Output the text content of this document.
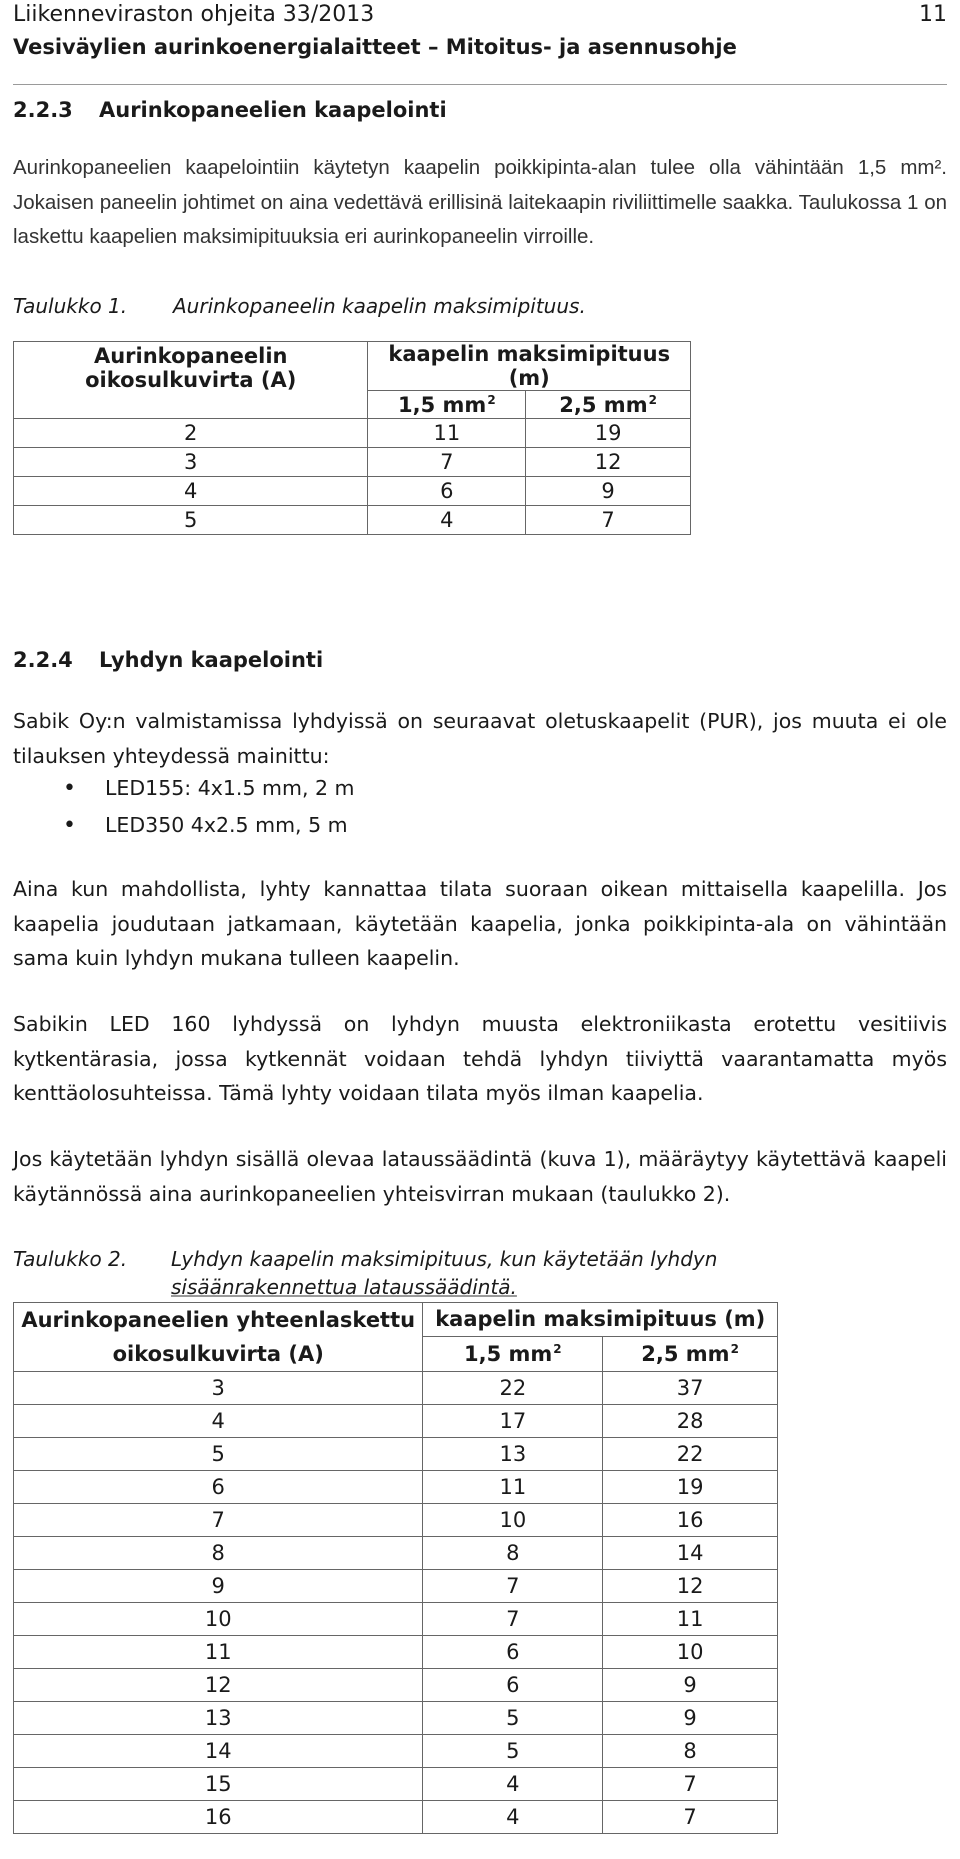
Liikenneviraston ohjeita 33/2013	11
Vesiväylien aurinkoenergialaitteet – Mitoitus- ja asennusohje
2.2.3 Aurinkopaneelien kaapelointi
Aurinkopaneelien kaapelointiin käytetyn kaapelin poikkipinta-alan tulee olla vähintään 1,5 mm². Jokaisen paneelin johtimet on aina vedettävä erillisinä laitekaapin riviliittimelle saakka. Taulukossa 1 on laskettu kaapelien maksimipituuksia eri aurinkopaneelin virroille.
Taulukko 1. Aurinkopaneelin kaapelin maksimipituus.
Aurinkopaneelin oikosulkuvirta (A)	kaapelin maksimipituus (m)	
	1,5 $mm^2$	2,5 $mm^2$
2	11	19
3	7	12
4	6	9
5	4	7
2.2.4 Lyhdyn kaapelointi
Sabik Oy:n valmistamissa lyhdyissä on seuraavat oletuskaapelit (PUR), jos muuta ei ole tilauksen yhteydessä mainittu:
• LED155: 4x1.5 mm, 2 m
• LED350 4x2.5 mm, 5 m
Aina kun mahdollista, lyhty kannattaa tilata suoraan oikean mittaisella kaapelilla. Jos kaapelia joudutaan jatkamaan, käytetään kaapelia, jonka poikkipinta-ala on vähintään sama kuin lyhdyn mukana tulleen kaapelin.
Sabikin LED 160 lyhdyssä on lyhdyn muusta elektroniikasta erotettu vesitiivis kytkentärasia, jossa kytkennät voidaan tehdä lyhdyn tiiviyttä vaarantamatta myös kenttäolosuhteissa. Tämä lyhty voidaan tilata myös ilman kaapelia.
Jos käytetään lyhdyn sisällä olevaa lataussäädintä (kuva 1), määräytyy käytettävä kaapeli käytännössä aina aurinkopaneelien yhteisvirran mukaan (taulukko 2).
Taulukko 2. Lyhdyn kaapelin maksimipituus, kun käytetään lyhdyn
sisäänrakennettua lataussäädintä.
Aurinkopaneelien yhteenlaskettu
oikosulkuvirta (A)	kaapelin maksimipituus (m)	
	1,5 $mm^2$	2,5 $mm^2$
3	22	37
4	17	28
5	13	22
6	11	19
7	10	16
8	8	14
9	7	12
10	7	11
11	6	10
12	6	9
13	5	9
14	5	8
15	4	7
16	4	7
